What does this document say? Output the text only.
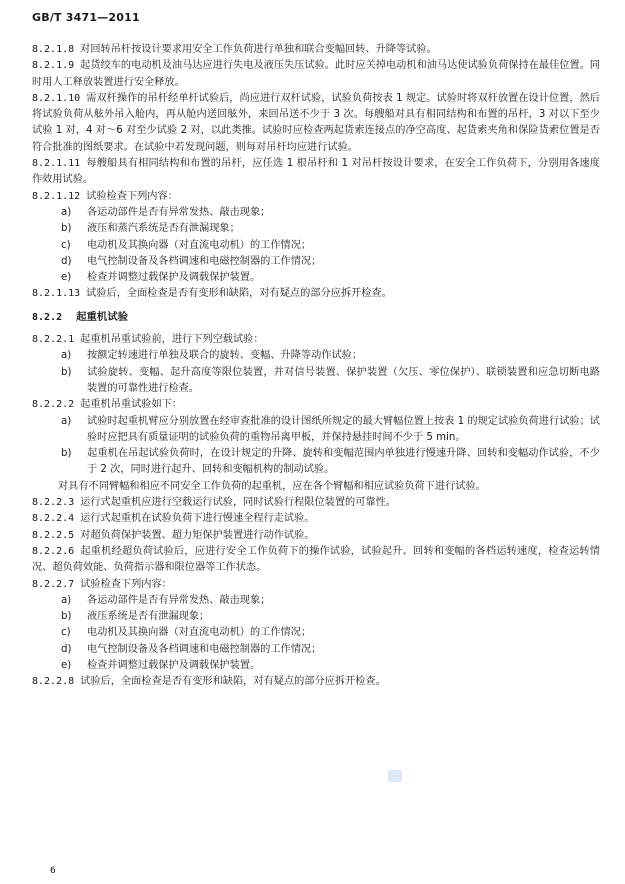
GB/T 3471—2011

8.2.1.8 对回转吊杆按设计要求用安全工作负荷进行单独和联合变幅回转、升降等试验。

8.2.1.9 起货绞车的电动机及油马达应进行失电及液压失压试验。此时应关掉电动机和油马达使试验负荷保持在最佳位置。同时用人工释放装置进行安全释放。

8.2.1.10 需双杆操作的吊杆经单杆试验后，尚应进行双杆试验，试验负荷按表 1 规定。试验时将双杆放置在设计位置，然后将试验负荷从舷外吊入舱内，再从舱内送回舷外，来回吊送不少于 3 次。每艘船对具有相同结构和布置的吊杆，3 对以下至少试验 1 对，4 对～6 对至少试验 2 对，以此类推。试验时应检查两起货索连接点的净空高度、起货索夹角和保险货索位置是否符合批准的图纸要求。在试验中若发现问题，则每对吊杆均应进行试验。

8.2.1.11 每艘船具有相同结构和布置的吊杆，应任选 1 根吊杆和 1 对吊杆按设计要求，在安全工作负荷下，分别用各速度作效用试验。

8.2.1.12 试验检查下列内容：

a) 各运动部件是否有异常发热、敲击现象；

b) 液压和蒸汽系统是否有泄漏现象；

c) 电动机及其换向器（对直流电动机）的工作情况；

d) 电气控制设备及各档调速和电磁控制器的工作情况；

e) 检查并调整过载保护及调载保护装置。

8.2.1.13 试验后，全面检查是否有变形和缺陷，对有疑点的部分应拆开检查。

8.2.2 起重机试验

8.2.2.1 起重机吊重试验前，进行下列空载试验：

a) 按额定转速进行单独及联合的旋转、变幅、升降等动作试验；

b) 试验旋转、变幅、起升高度等限位装置，并对信号装置、保护装置（欠压、零位保护）、联锁装置和应急切断电路装置的可靠性进行检查。

8.2.2.2 起重机吊重试验如下：

a) 试验时起重机臂应分别放置在经审查批准的设计图纸所规定的最大臂幅位置上按表 1 的规定试验负荷进行试验；试验时应把具有质量证明的试验负荷的重物吊离甲板，并保持悬挂时间不少于 5 min。

b) 起重机在吊起试验负荷时，在设计规定的升降、旋转和变幅范围内单独进行慢速升降、回转和变幅动作试验，不少于 2 次，同时进行起升、回转和变幅机构的制动试验。

对具有不同臂幅和相应不同安全工作负荷的起重机，应在各个臂幅和相应试验负荷下进行试验。

8.2.2.3 运行式起重机应进行空载运行试验，同时试验行程限位装置的可靠性。

8.2.2.4 运行式起重机在试验负荷下进行慢速全程行走试验。

8.2.2.5 对超负荷保护装置、超力矩保护装置进行动作试验。

8.2.2.6 起重机经超负荷试验后，应进行安全工作负荷下的操作试验，试验起升、回转和变幅的各档运转速度，检查运转情况、超负荷效能、负荷指示器和限位器等工作状态。

8.2.2.7 试验检查下列内容：

a) 各运动部件是否有异常发热、敲击现象；

b) 液压系统是否有泄漏现象；

c) 电动机及其换向器（对直流电动机）的工作情况；

d) 电气控制设备及各档调速和电磁控制器的工作情况；

e) 检查并调整过载保护及调载保护装置。

8.2.2.8 试验后，全面检查是否有变形和缺陷，对有疑点的部分应拆开检查。

6
